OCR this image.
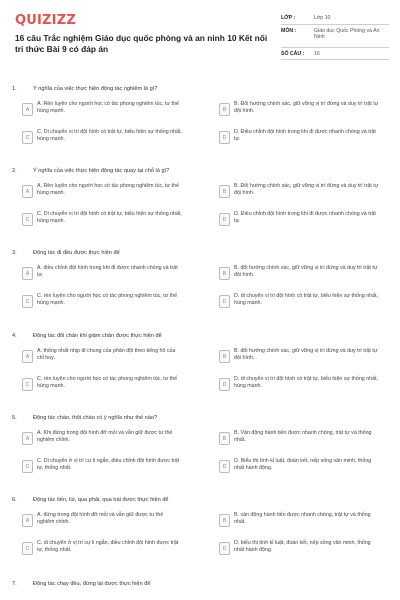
QUIZIZZ
16 câu Trắc nghiệm Giáo dục quốc phòng và an ninh 10 Kết nối tri thức Bài 9 có đáp án
LỚP :	Lớp 10
MÔN :	Giáo dục Quốc Phòng và An Ninh
SỐ CÂU :	16
1.	Ý nghĩa của việc thực hiện động tác nghiêm là gì?
A
A. Rèn luyện cho người học có tác phong nghiêm túc, tư thế hùng mạnh.	B
B. Đổi hướng chính xác, giữ vững vị trí đứng và duy trì trật tự đội hình.
C
C. Di chuyển vị trí đội hình có trật tự, biểu hiện sự thống nhất, hùng mạnh.	D
D. Điều chỉnh đội hình trong khi đi được nhanh chóng và trật tự.
2.	Ý nghĩa của việc thực hiện động tác quay tại chỗ là gì?
A
A. Rèn luyện cho người học có tác phong nghiêm túc, tư thế hùng mạnh.	B
B. Đổi hướng chính xác, giữ vững vị trí đứng và duy trì trật tự đội hình.
C
C. Di chuyển vị trí đội hình có trật tự, biểu hiện sự thống nhất, hùng mạnh.	D
D. Điều chỉnh đội hình trong khi đi được nhanh chóng và trật tự.
3.	Động tác đi đều được thực hiện để
A
A. điều chỉnh đội hình trong khi đi được nhanh chóng và trật tự.	B
B. đổi hướng chính xác, giữ vững vị trí đứng và duy trì trật tự đội hình.
C
C. rèn luyện cho người học có tác phong nghiêm túc, tư thế hùng mạnh.	D
D. di chuyển vị trí đội hình có trật tự, biểu hiện sự thống nhất, hùng mạnh.
4.	Động tác đổi chân khi giậm chân được thực hiện để
A
A. thống nhất nhịp đi chung của phân đội theo tiếng hô của chỉ huy.	B
B. đổi hướng chính xác, giữ vững vị trí đứng và duy trì trật tự đội hình.
C
C. rèn luyện cho người học có tác phong nghiêm túc, tư thế hùng mạnh.	D
D. di chuyển vị trí đội hình có trật tự, biểu hiện sự thống nhất, hùng mạnh.
5.	Động tác chào, thôi chào có ý nghĩa như thế nào?
A
A. Khi đứng trong đội hình đỡ mỏi và vẫn giữ được tư thế nghiêm chỉnh.	B
B. Vận động hành tiến được nhanh chóng, trật tự và thống nhất.
C
C. Di chuyển ở vị trí cự li ngắn, điều chỉnh đội hình được trật tự, thống nhất.	D
D. Biểu thị tính kỉ luật, đoàn kết, nếp sống văn minh, thống nhất hành động.
6.	Động tác tiến, lùi, qua phải, qua trái được thực hiện để
A
A. đứng trong đội hình đỡ mỏi và vẫn giữ được tư thế nghiêm chỉnh.	B
B. vận động hành tiến được nhanh chóng, trật tự và thống nhất.
C
C. di chuyển ở vị trí cự li ngắn, điều chỉnh đội hình được trật tự, thống nhất.	D
D. biểu thị tính kỉ luật, đoàn kết, nếp sống văn minh, thống nhất hành động.
7.	Động tác chạy đều, đứng lại được thực hiện để
